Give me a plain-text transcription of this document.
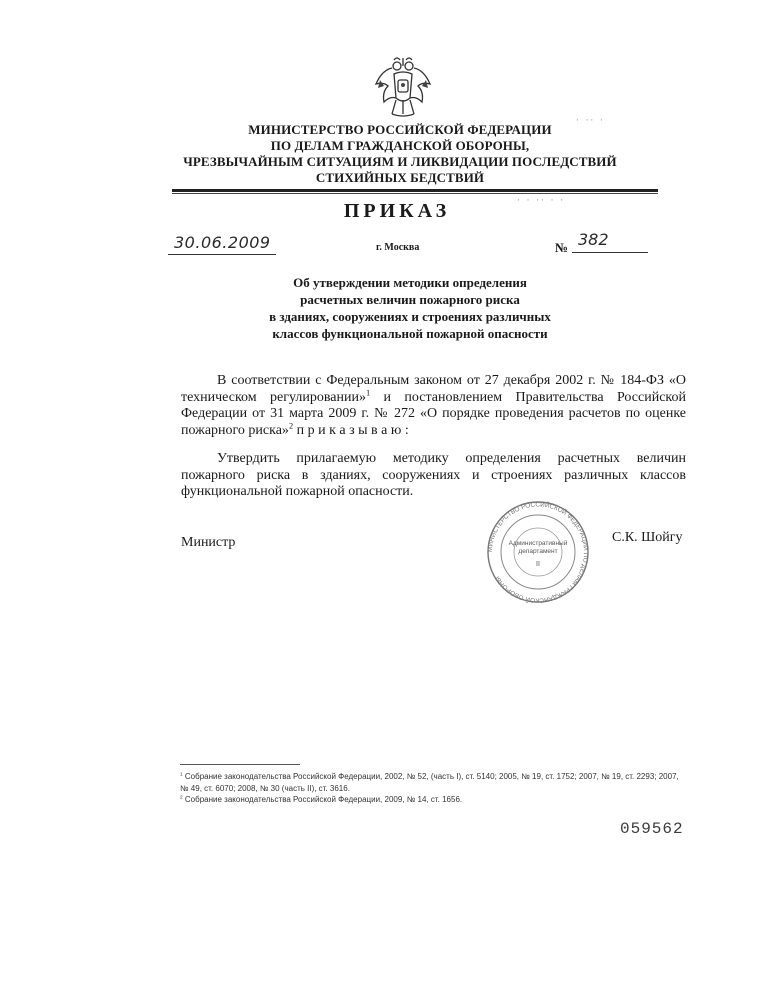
МИНИСТЕРСТВО РОССИЙСКОЙ ФЕДЕРАЦИИ
ПО ДЕЛАМ ГРАЖДАНСКОЙ ОБОРОНЫ,
ЧРЕЗВЫЧАЙНЫМ СИТУАЦИЯМ И ЛИКВИДАЦИИ ПОСЛЕДСТВИЙ
СТИХИЙНЫХ БЕДСТВИЙ
· ·· ·
· · ·· · ·
ПРИКАЗ
30.06.2009	г. Москва	№ 382
Об утверждении методики определения
расчетных величин пожарного риска
в зданиях, сооружениях и строениях различных
классов функциональной пожарной опасности

В соответствии с Федеральным законом от 27 декабря 2002 г. № 184-ФЗ «О техническом регулировании»$^1$ и постановлением Правительства Российской Федерации от 31 марта 2009 г. № 272 «О порядке проведения расчетов по оценке пожарного риска»$^2$ п р и к а з ы в а ю :

Утвердить прилагаемую методику определения расчетных величин пожарного риска в зданиях, сооружениях и строениях различных классов функциональной пожарной опасности.

Министр	С.К. Шойгу
МИНИСТЕРСТВО РОССИЙСКОЙ ФЕДЕРАЦИИ ПО ДЕЛАМ ГРАЖДАНСКОЙ ОБОРОНЫ
Административный
департамент
II
$^1$ Собрание законодательства Российской Федерации, 2002, № 52, (часть I), ст. 5140; 2005, № 19, ст. 1752; 2007, № 19, ст. 2293; 2007, № 49, ст. 6070; 2008, № 30 (часть II), ст. 3616.
$^2$ Собрание законодательства Российской Федерации, 2009, № 14, ст. 1656.
059562
